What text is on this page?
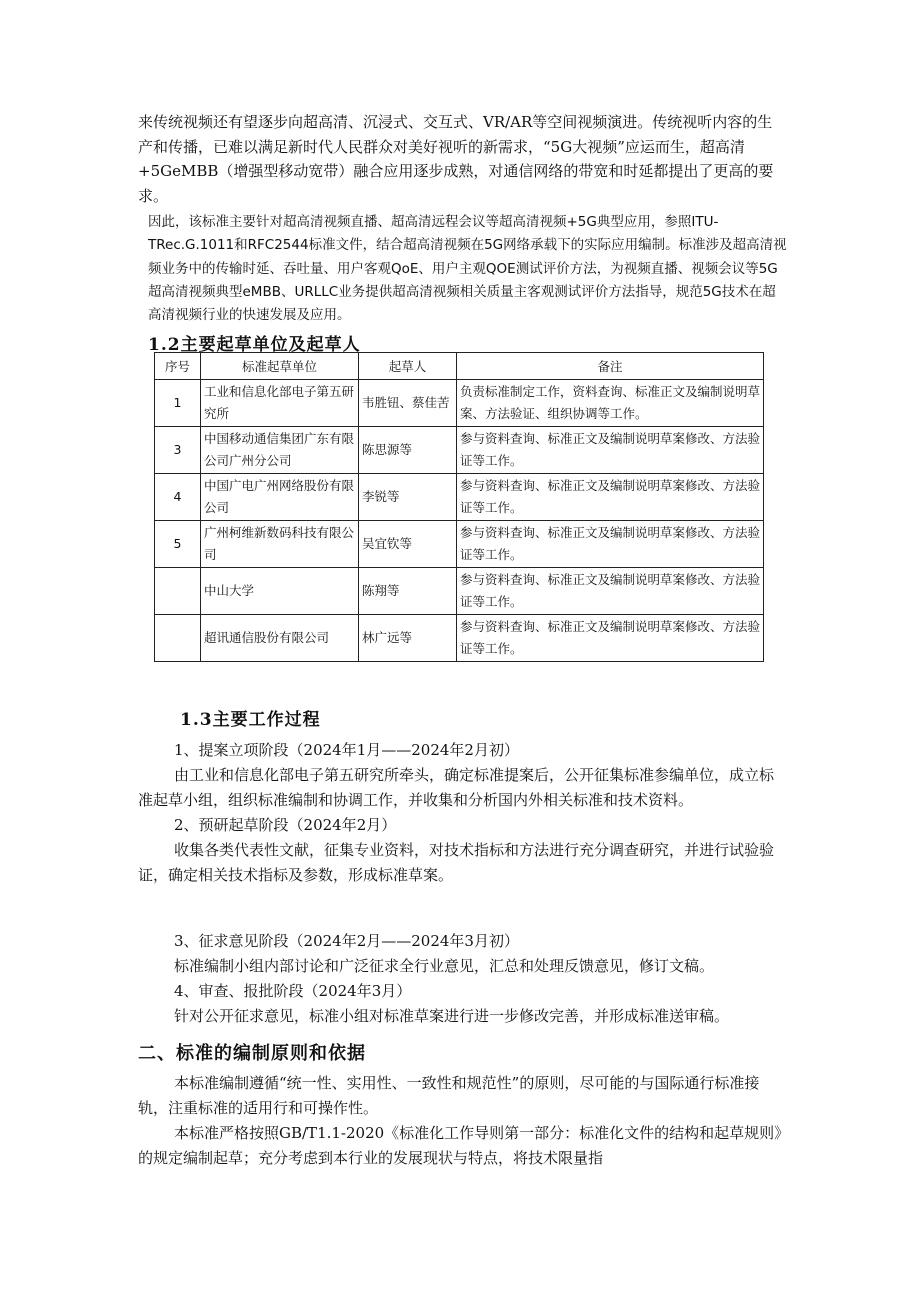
来传统视频还有望逐步向超高清、沉浸式、交互式、VR/AR等空间视频演进。传统视听内容的生产和传播，已难以满足新时代人民群众对美好视听的新需求，“5G大视频”应运而生，超高清+5GeMBB（增强型移动宽带）融合应用逐步成熟，对通信网络的带宽和时延都提出了更高的要求。

因此，该标准主要针对超高清视频直播、超高清远程会议等超高清视频+5G典型应用，参照ITU-TRec.G.1011和RFC2544标准文件，结合超高清视频在5G网络承载下的实际应用编制。标准涉及超高清视频业务中的传输时延、吞吐量、用户客观QoE、用户主观QOE测试评价方法，为视频直播、视频会议等5G超高清视频典型eMBB、URLLC业务提供超高清视频相关质量主客观测试评价方法指导，规范5G技术在超高清视频行业的快速发展及应用。

1.2主要起草单位及起草人
序号	标准起草单位	起草人	备注
1	工业和信息化部电子第五研究所	韦胜钮、蔡佳苦	负责标准制定工作，资料查询、标准正文及编制说明草案、方法验证、组织协调等工作。
3	中国移动通信集团广东有限公司广州分公司	陈思源等	参与资料查询、标准正文及编制说明草案修改、方法验证等工作。
4	中国广电广州网络股份有限公司	李锐等	参与资料查询、标准正文及编制说明草案修改、方法验证等工作。
5	广州柯维新数码科技有限公司	吴宜钦等	参与资料查询、标准正文及编制说明草案修改、方法验证等工作。
	中山大学	陈翔等	参与资料查询、标准正文及编制说明草案修改、方法验证等工作。
	超讯通信股份有限公司	林广远等	参与资料查询、标准正文及编制说明草案修改、方法验证等工作。
1.3主要工作过程

1、提案立项阶段（2024年1月——2024年2月初）

由工业和信息化部电子第五研究所牵头，确定标准提案后，公开征集标准参编单位，成立标准起草小组，组织标准编制和协调工作，并收集和分析国内外相关标准和技术资料。

2、预研起草阶段（2024年2月）

收集各类代表性文献，征集专业资料，对技术指标和方法进行充分调查研究，并进行试验验证，确定相关技术指标及参数，形成标准草案。

3、征求意见阶段（2024年2月——2024年3月初）

标准编制小组内部讨论和广泛征求全行业意见，汇总和处理反馈意见，修订文稿。

4、审查、报批阶段（2024年3月）

针对公开征求意见，标准小组对标准草案进行进一步修改完善，并形成标准送审稿。

二、标准的编制原则和依据

本标准编制遵循“统一性、实用性、一致性和规范性”的原则，尽可能的与国际通行标准接轨，注重标准的适用行和可操作性。

本标准严格按照GB/T1.1-2020《标准化工作导则第一部分：标准化文件的结构和起草规则》的规定编制起草；充分考虑到本行业的发展现状与特点，将技术限量指
